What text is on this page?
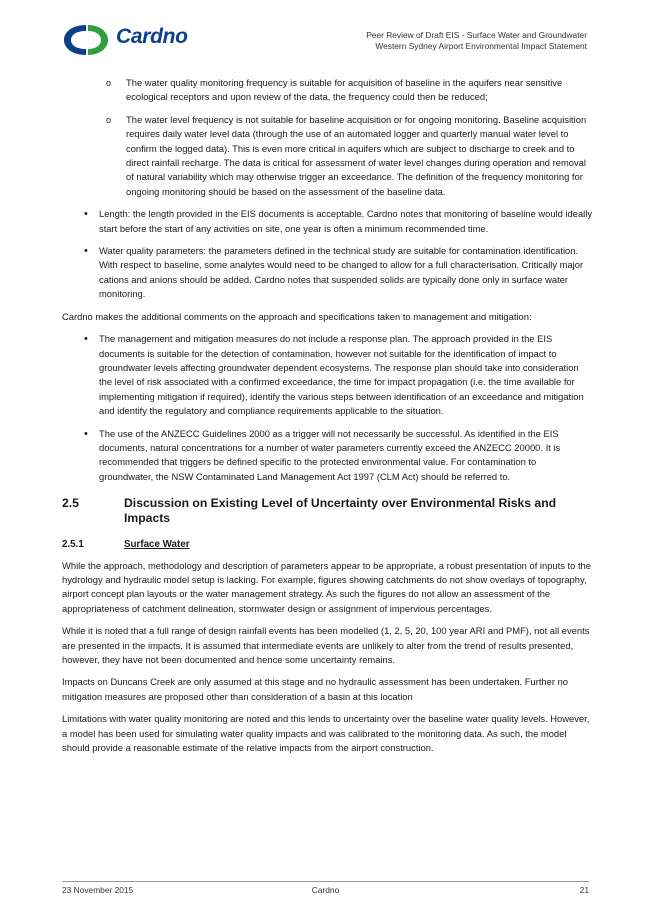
Cardno	Peer Review of Draft EIS - Surface Water and Groundwater
Western Sydney Airport Environmental Impact Statement
o The water quality monitoring frequency is suitable for acquisition of baseline in the aquifers near sensitive ecological receptors and upon review of the data, the frequency could then be reduced;
o The water level frequency is not suitable for baseline acquisition or for ongoing monitoring. Baseline acquisition requires daily water level data (through the use of an automated logger and quarterly manual water level to confirm the logged data). This is even more critical in aquifers which are subject to discharge to creek and to direct rainfall recharge. The data is critical for assessment of water level changes during operation and removal of natural variability which may otherwise trigger an exceedance. The definition of the frequency monitoring for ongoing monitoring should be based on the assessment of the baseline data.
• Length: the length provided in the EIS documents is acceptable. Cardno notes that monitoring of baseline would ideally start before the start of any activities on site, one year is often a minimum recommended time.
• Water quality parameters: the parameters defined in the technical study are suitable for contamination identification. With respect to baseline, some analytes would need to be changed to allow for a full characterisation. Critically major cations and anions should be added. Cardno notes that suspended solids are typically done only in surface water monitoring.

Cardno makes the additional comments on the approach and specifications taken to management and mitigation:

• The management and mitigation measures do not include a response plan. The approach provided in the EIS documents is suitable for the detection of contamination, however not suitable for the identification of impact to groundwater levels affecting groundwater dependent ecosystems. The response plan should take into consideration the level of risk associated with a confirmed exceedance, the time for impact propagation (i.e. the time available for implementing mitigation if required), identify the various steps between identification of an exceedance and mitigation and identify the regulatory and compliance requirements applicable to the situation.
• The use of the ANZECC Guidelines 2000 as a trigger will not necessarily be successful. As identified in the EIS documents, natural concentrations for a number of water parameters currently exceed the ANZECC 20000. It is recommended that triggers be defined specific to the protected environmental value. For contamination to groundwater, the NSW Contaminated Land Management Act 1997 (CLM Act) should be referred to.
2.5	Discussion on Existing Level of Uncertainty over Environmental Risks and Impacts
2.5.1	Surface Water

While the approach, methodology and description of parameters appear to be appropriate, a robust presentation of inputs to the hydrology and hydraulic model setup is lacking. For example, figures showing catchments do not show overlays of topography, airport concept plan layouts or the water management strategy. As such the figures do not allow an assessment of the appropriateness of catchment delineation, stormwater design or assignment of impervious percentages.

While it is noted that a full range of design rainfall events has been modelled (1, 2, 5, 20, 100 year ARI and PMF), not all events are presented in the impacts. It is assumed that intermediate events are unlikely to alter from the trend of results presented, however, they have not been documented and hence some uncertainty remains.

Impacts on Duncans Creek are only assumed at this stage and no hydraulic assessment has been undertaken. Further no mitigation measures are proposed other than consideration of a basin at this location

Limitations with water quality monitoring are noted and this lends to uncertainty over the baseline water quality levels. However, a model has been used for simulating water quality impacts and was calibrated to the monitoring data. As such, the model should provide a reasonable estimate of the relative impacts from the airport construction.

23 November 2015	Cardno	21
